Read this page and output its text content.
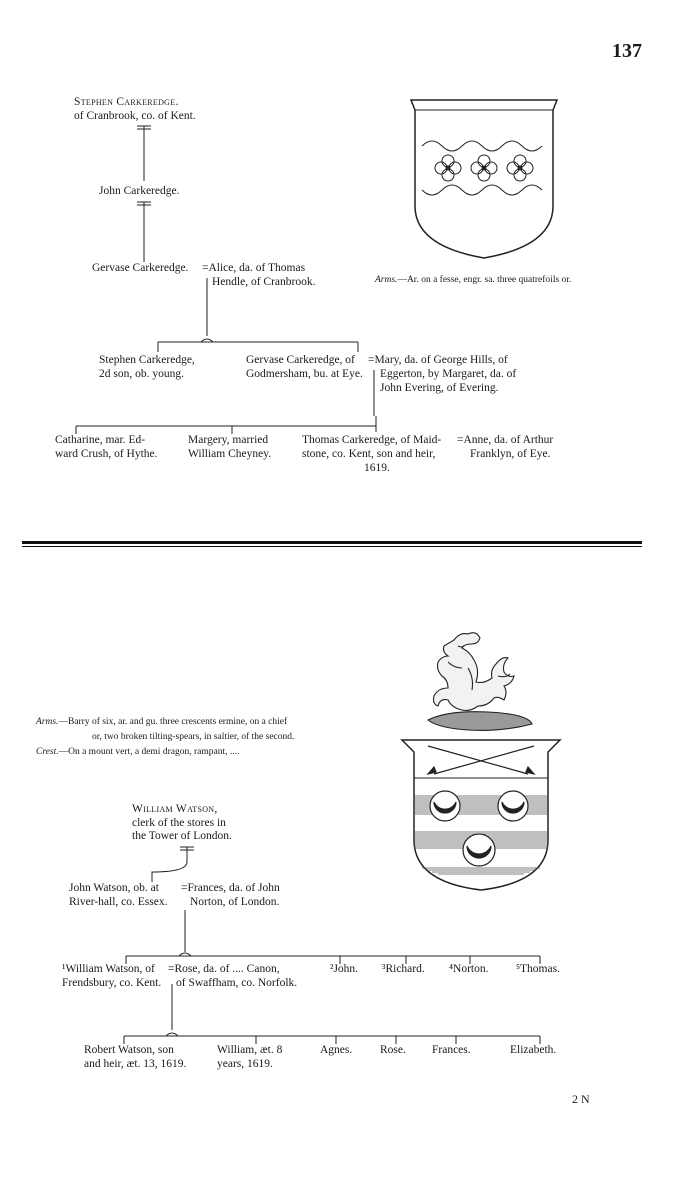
137
Stephen Carkeredge.
of Cranbrook, co. of Kent.
John Carkeredge.
Gervase Carkeredge. =Alice, da. of Thomas
Hendle, of Cranbrook.	Arms.—Ar. on a fesse, engr. sa. three quatrefoils or.
Stephen Carkeredge,
2d son, ob. young.
Gervase Carkeredge, of
Godmersham, bu. at Eye.
=Mary, da. of George Hills, of
Eggerton, by Margaret, da. of
John Evering, of Evering.
Catharine, mar. Ed-
ward Crush, of Hythe.
Margery, married
William Cheyney.
Thomas Carkeredge, of Maid-
stone, co. Kent, son and heir,
1619.
=Anne, da. of Arthur
Franklyn, of Eye.
Arms.—Barry of six, ar. and gu. three crescents ermine, on a chief
or, two broken tilting-spears, in saltier, of the second.
Crest.—On a mount vert, a demi dragon, rampant, ....
William Watson,
clerk of the stores in
the Tower of London.
John Watson, ob. at
River-hall, co. Essex.
=Frances, da. of John
Norton, of London.
¹William Watson, of
Frendsbury, co. Kent.
=Rose, da. of .... Canon,
of Swaffham, co. Norfolk.
²John. ³Richard. ⁴Norton. ⁵Thomas.
Robert Watson, son
and heir, æt. 13, 1619.
William, æt. 8
years, 1619.
Agnes. Rose. Frances.	Elizabeth.
2 N
